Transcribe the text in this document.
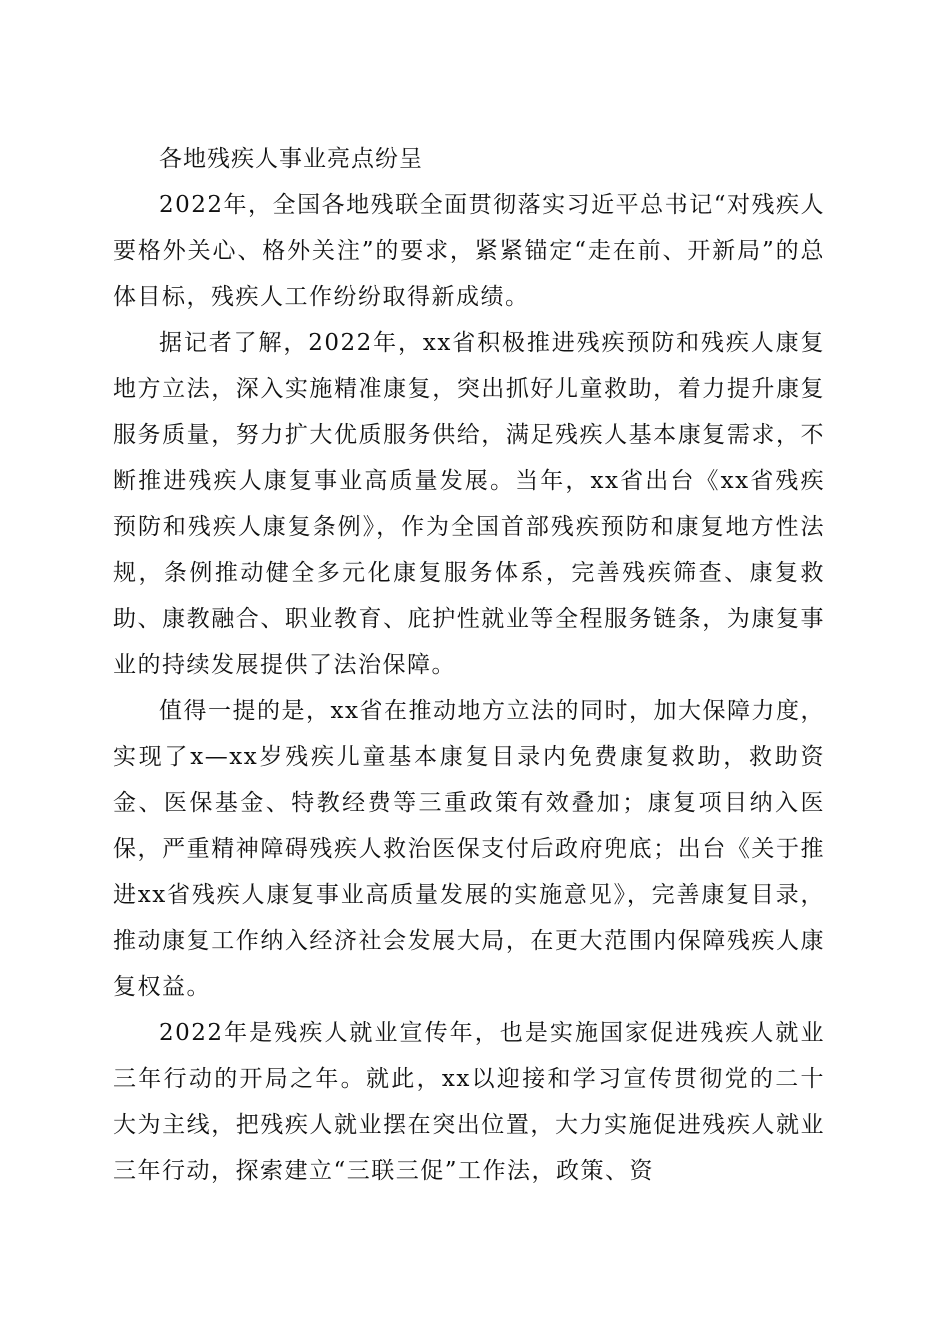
各地残疾人事业亮点纷呈

2022年，全国各地残联全面贯彻落实习近平总书记“对残疾人要格外关心、格外关注”的要求，紧紧锚定“走在前、开新局”的总体目标，残疾人工作纷纷取得新成绩。

据记者了解，2022年，xx省积极推进残疾预防和残疾人康复地方立法，深入实施精准康复，突出抓好儿童救助，着力提升康复服务质量，努力扩大优质服务供给，满足残疾人基本康复需求，不断推进残疾人康复事业高质量发展。当年，xx省出台《xx省残疾预防和残疾人康复条例》，作为全国首部残疾预防和康复地方性法规，条例推动健全多元化康复服务体系，完善残疾筛查、康复救助、康教融合、职业教育、庇护性就业等全程服务链条，为康复事业的持续发展提供了法治保障。

值得一提的是，xx省在推动地方立法的同时，加大保障力度，实现了x—xx岁残疾儿童基本康复目录内免费康复救助，救助资金、医保基金、特教经费等三重政策有效叠加；康复项目纳入医保，严重精神障碍残疾人救治医保支付后政府兜底；出台《关于推进xx省残疾人康复事业高质量发展的实施意见》，完善康复目录，推动康复工作纳入经济社会发展大局，在更大范围内保障残疾人康复权益。

2022年是残疾人就业宣传年，也是实施国家促进残疾人就业三年行动的开局之年。就此，xx以迎接和学习宣传贯彻党的二十大为主线，把残疾人就业摆在突出位置，大力实施促进残疾人就业三年行动，探索建立“三联三促”工作法，政策、资
